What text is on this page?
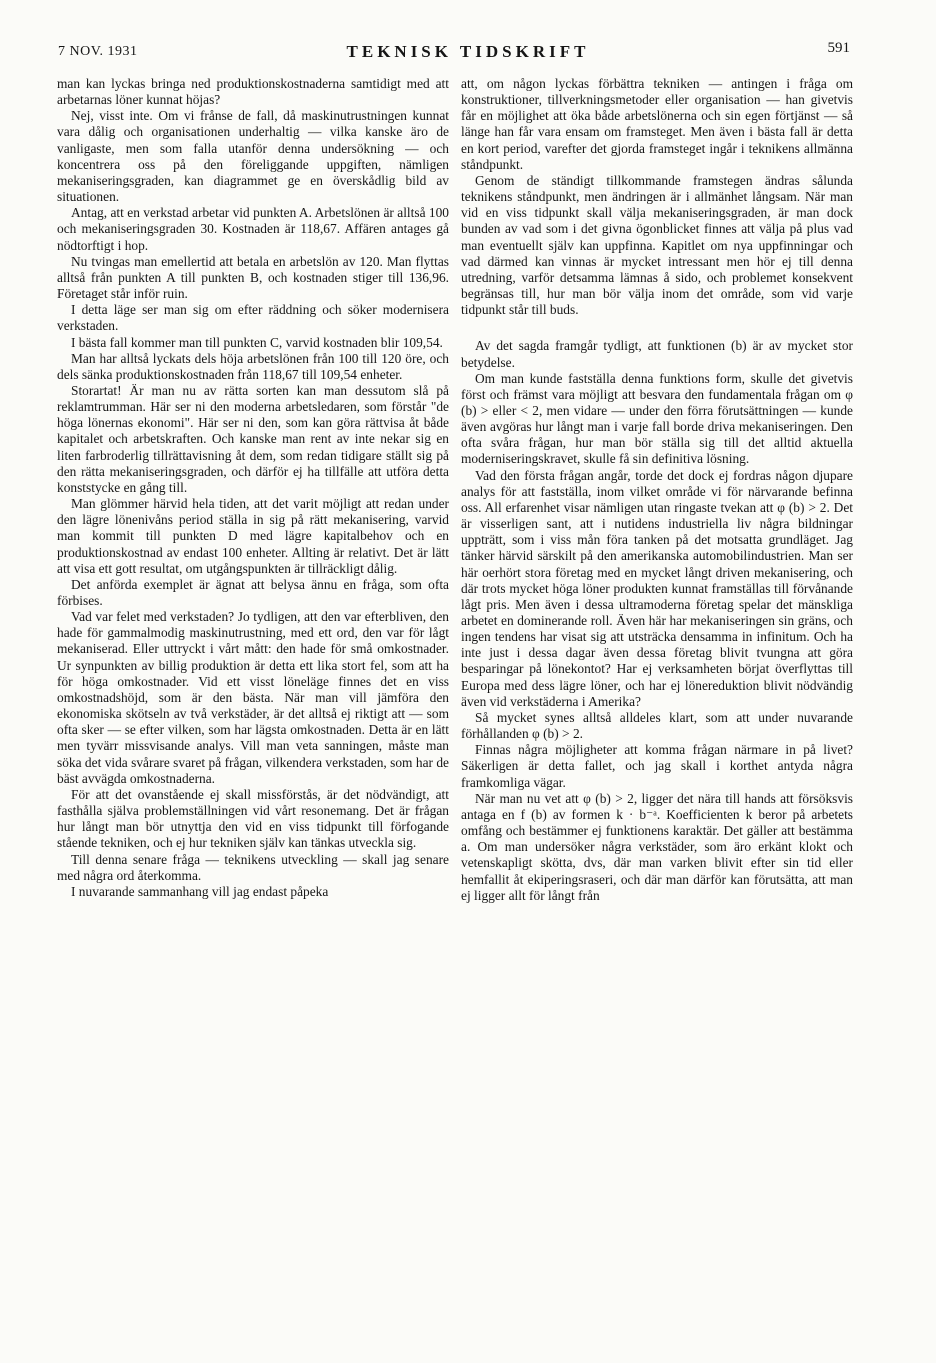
7 NOV. 1931	TEKNISK TIDSKRIFT	591

man kan lyckas bringa ned produktionskostnaderna samtidigt med att arbetarnas löner kunnat höjas?

Nej, visst inte. Om vi frånse de fall, då maskinutrustningen kunnat vara dålig och organisationen underhaltig — vilka kanske äro de vanligaste, men som falla utanför denna undersökning — och koncentrera oss på den föreliggande uppgiften, nämligen mekaniseringsgraden, kan diagrammet ge en överskådlig bild av situationen.

Antag, att en verkstad arbetar vid punkten A. Arbetslönen är alltså 100 och mekaniseringsgraden 30. Kostnaden är 118,67. Affären antages gå nödtorftigt i hop.

Nu tvingas man emellertid att betala en arbetslön av 120. Man flyttas alltså från punkten A till punkten B, och kostnaden stiger till 136,96. Företaget står inför ruin.

I detta läge ser man sig om efter räddning och söker modernisera verkstaden.

I bästa fall kommer man till punkten C, varvid kostnaden blir 109,54.

Man har alltså lyckats dels höja arbetslönen från 100 till 120 öre, och dels sänka produktionskostnaden från 118,67 till 109,54 enheter.

Storartat! Är man nu av rätta sorten kan man dessutom slå på reklamtrumman. Här ser ni den moderna arbetsledaren, som förstår "de höga lönernas ekonomi". Här ser ni den, som kan göra rättvisa åt både kapitalet och arbetskraften. Och kanske man rent av inte nekar sig en liten farbroderlig tillrättavisning åt dem, som redan tidigare ställt sig på den rätta mekaniseringsgraden, och därför ej ha tillfälle att utföra detta konststycke en gång till.

Man glömmer härvid hela tiden, att det varit möjligt att redan under den lägre lönenivåns period ställa in sig på rätt mekanisering, varvid man kommit till punkten D med lägre kapitalbehov och en produktionskostnad av endast 100 enheter. Allting är relativt. Det är lätt att visa ett gott resultat, om utgångspunkten är tillräckligt dålig.

Det anförda exemplet är ägnat att belysa ännu en fråga, som ofta förbises.

Vad var felet med verkstaden? Jo tydligen, att den var efterbliven, den hade för gammalmodig maskinutrustning, med ett ord, den var för lågt mekaniserad. Eller uttryckt i vårt mått: den hade för små omkostnader. Ur synpunkten av billig produktion är detta ett lika stort fel, som att ha för höga omkostnader. Vid ett visst löneläge finnes det en viss omkostnadshöjd, som är den bästa. När man vill jämföra den ekonomiska skötseln av två verkstäder, är det alltså ej riktigt att — som ofta sker — se efter vilken, som har lägsta omkostnaden. Detta är en lätt men tyvärr missvisande analys. Vill man veta sanningen, måste man söka det vida svårare svaret på frågan, vilkendera verkstaden, som har de bäst avvägda omkostnaderna.

För att det ovanstående ej skall missförstås, är det nödvändigt, att fasthålla själva problemställningen vid vårt resonemang. Det är frågan hur långt man bör utnyttja den vid en viss tidpunkt till förfogande stående tekniken, och ej hur tekniken själv kan tänkas utveckla sig.

Till denna senare fråga — teknikens utveckling — skall jag senare med några ord återkomma.

I nuvarande sammanhang vill jag endast påpeka

att, om någon lyckas förbättra tekniken — antingen i fråga om konstruktioner, tillverkningsmetoder eller organisation — han givetvis får en möjlighet att öka både arbetslönerna och sin egen förtjänst — så länge han får vara ensam om framsteget. Men även i bästa fall är detta en kort period, varefter det gjorda framsteget ingår i teknikens allmänna ståndpunkt.

Genom de ständigt tillkommande framstegen ändras sålunda teknikens ståndpunkt, men ändringen är i allmänhet långsam. När man vid en viss tidpunkt skall välja mekaniseringsgraden, är man dock bunden av vad som i det givna ögonblicket finnes att välja på plus vad man eventuellt själv kan uppfinna. Kapitlet om nya uppfinningar och vad därmed kan vinnas är mycket intressant men hör ej till denna utredning, varför detsamma lämnas å sido, och problemet konsekvent begränsas till, hur man bör välja inom det område, som vid varje tidpunkt står till buds.

Av det sagda framgår tydligt, att funktionen (b) är av mycket stor betydelse.

Om man kunde fastställa denna funktions form, skulle det givetvis först och främst vara möjligt att besvara den fundamentala frågan om φ (b) > eller < 2, men vidare — under den förra förutsättningen — kunde även avgöras hur långt man i varje fall borde driva mekaniseringen. Den ofta svåra frågan, hur man bör ställa sig till det alltid aktuella moderniseringskravet, skulle få sin definitiva lösning.

Vad den första frågan angår, torde det dock ej fordras någon djupare analys för att fastställa, inom vilket område vi för närvarande befinna oss. All erfarenhet visar nämligen utan ringaste tvekan att φ (b) > 2. Det är visserligen sant, att i nutidens industriella liv några bildningar uppträtt, som i viss mån föra tanken på det motsatta grundläget. Jag tänker härvid särskilt på den amerikanska automobilindustrien. Man ser här oerhört stora företag med en mycket långt driven mekanisering, och där trots mycket höga löner produkten kunnat framställas till förvånande lågt pris. Men även i dessa ultramoderna företag spelar det mänskliga arbetet en dominerande roll. Även här har mekaniseringen sin gräns, och ingen tendens har visat sig att utsträcka densamma in infinitum. Och ha inte just i dessa dagar även dessa företag blivit tvungna att göra besparingar på lönekontot? Har ej verksamheten börjat överflyttas till Europa med dess lägre löner, och har ej lönereduktion blivit nödvändig även vid verkstäderna i Amerika?

Så mycket synes alltså alldeles klart, som att under nuvarande förhållanden φ (b) > 2.

Finnas några möjligheter att komma frågan närmare in på livet? Säkerligen är detta fallet, och jag skall i korthet antyda några framkomliga vägar.

När man nu vet att φ (b) > 2, ligger det nära till hands att försöksvis antaga en f (b) av formen k · b⁻ᵃ. Koefficienten k beror på arbetets omfång och bestämmer ej funktionens karaktär. Det gäller att bestämma a. Om man undersöker några verkstäder, som äro erkänt klokt och vetenskapligt skötta, dvs, där man varken blivit efter sin tid eller hemfallit åt ekiperingsraseri, och där man därför kan förutsätta, att man ej ligger allt för långt från
